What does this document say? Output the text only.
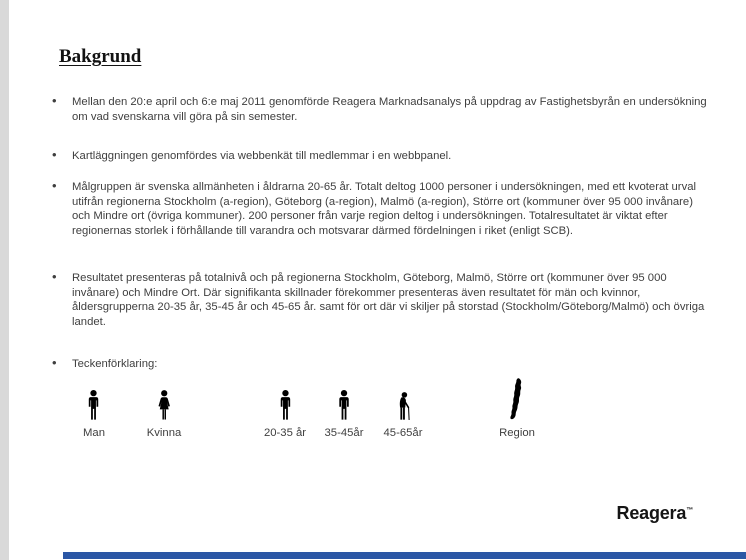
Bakgrund
• Mellan den 20:e april och 6:e maj 2011 genomförde Reagera Marknadsanalys på uppdrag av Fastighetsbyrån en undersökning om vad svenskarna vill göra på sin semester.
• Kartläggningen genomfördes via webbenkät till medlemmar i en webbpanel.
• Målgruppen är svenska allmänheten i åldrarna 20-65 år. Totalt deltog 1000 personer i undersökningen, med ett kvoterat urval utifrån regionerna Stockholm (a-region), Göteborg (a-region), Malmö (a-region), Större ort (kommuner över 95 000 invånare) och Mindre ort (övriga kommuner). 200 personer från varje region deltog i undersökningen. Totalresultatet är viktat efter regionernas storlek i förhållande till varandra och motsvarar därmed fördelningen i riket (enligt SCB).
• Resultatet presenteras på totalnivå och på regionerna Stockholm, Göteborg, Malmö, Större ort (kommuner över 95 000 invånare) och Mindre Ort. Där signifikanta skillnader förekommer presenteras även resultatet för män och kvinnor, åldersgrupperna 20-35 år, 35-45 år och 45-65 år. samt för ort där vi skiljer på storstad (Stockholm/Göteborg/Malmö) och övriga landet.
• Teckenförklaring:
Man	Kvinna	20-35 år 35-45år 45-65år	Region
Reagera™
